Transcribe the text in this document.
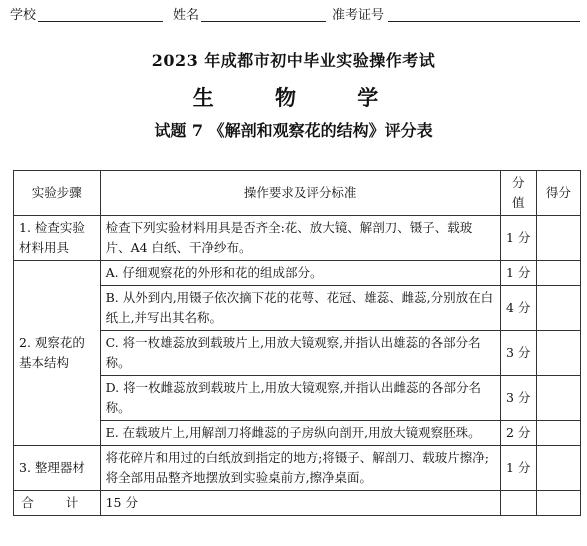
学校	姓名	准考证号
2023 年成都市初中毕业实验操作考试
生 物 学
试题 7 《解剖和观察花的结构》评分表
实验步骤	操作要求及评分标准	分值	得分
1. 检查实验材料用具	检查下列实验材料用具是否齐全:花、放大镜、解剖刀、镊子、载玻片、A4 白纸、干净纱布。	1 分	
2. 观察花的基本结构	A. 仔细观察花的外形和花的组成部分。	1 分	
	B. 从外到内,用镊子依次摘下花的花萼、花冠、雄蕊、雌蕊,分别放在白纸上,并写出其名称。	4 分	
	C. 将一枚雄蕊放到载玻片上,用放大镜观察,并指认出雄蕊的各部分名称。	3 分	
	D. 将一枚雌蕊放到载玻片上,用放大镜观察,并指认出雌蕊的各部分名称。	3 分	
	E. 在载玻片上,用解剖刀将雌蕊的子房纵向剖开,用放大镜观察胚珠。	2 分	
3. 整理器材	将花碎片和用过的白纸放到指定的地方;将镊子、解剖刀、载玻片擦净;将全部用品整齐地摆放到实验桌前方,擦净桌面。	1 分	
合 计	15 分		
